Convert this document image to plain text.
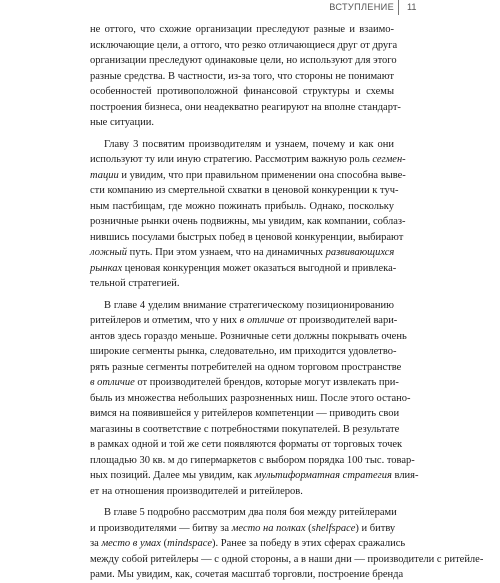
ВСТУПЛЕНИЕ 11

не оттого, что схожие организации преследуют разные и взаимо-
исключающие цели, а оттого, что резко отличающиеся друг от друга
организации преследуют одинаковые цели, но используют для этого
разные средства. В частности, из-за того, что стороны не понимают
особенностей противоположной финансовой структуры и схемы
построения бизнеса, они неадекватно реагируют на вполне стандарт-
ные ситуации.

Главу 3 посвятим производителям и узнаем, почему и как они
используют ту или иную стратегию. Рассмотрим важную роль сегмен-
тации и увидим, что при правильном применении она способна выве-
сти компанию из смертельной схватки в ценовой конкуренции к туч-
ным пастбищам, где можно пожинать прибыль. Однако, поскольку
розничные рынки очень подвижны, мы увидим, как компании, соблаз-
нившись посулами быстрых побед в ценовой конкуренции, выбирают
ложный путь. При этом узнаем, что на динамичных развивающихся
рынках ценовая конкуренция может оказаться выгодной и привлека-
тельной стратегией.

В главе 4 уделим внимание стратегическому позиционированию
ритейлеров и отметим, что у них в отличие от производителей вари-
антов здесь гораздо меньше. Розничные сети должны покрывать очень
широкие сегменты рынка, следовательно, им приходится удовлетво-
рять разные сегменты потребителей на одном торговом пространстве
в отличие от производителей брендов, которые могут извлекать при-
быль из множества небольших разрозненных ниш. После этого остано-
вимся на появившейся у ритейлеров компетенции — приводить свои
магазины в соответствие с потребностями покупателей. В результате
в рамках одной и той же сети появляются форматы от торговых точек
площадью 30 кв. м до гипермаркетов с выбором порядка 100 тыс. товар-
ных позиций. Далее мы увидим, как мультиформатная стратегия влия-
ет на отношения производителей и ритейлеров.

В главе 5 подробно рассмотрим два поля боя между ритейлерами
и производителями — битву за место на полках (shelfspace) и битву
за место в умах (mindspace). Ранее за победу в этих сферах сражались
между собой ритейлеры — с одной стороны, а в наши дни — производители с ритейле-
рами. Мы увидим, как, сочетая масштаб торговли, построение бренда
